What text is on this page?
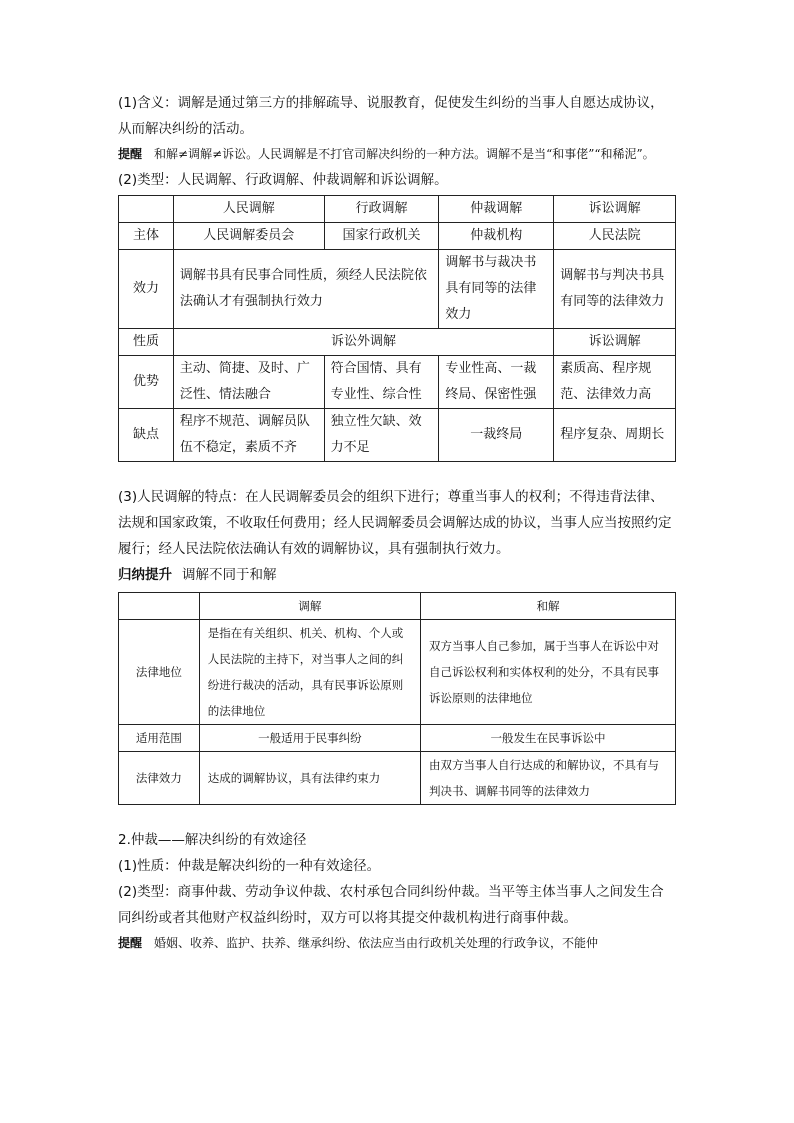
(1)含义：调解是通过第三方的排解疏导、说服教育，促使发生纠纷的当事人自愿达成协议，从而解决纠纷的活动。

提醒 和解≠调解≠诉讼。人民调解是不打官司解决纠纷的一种方法。调解不是当“和事佬”“和稀泥”。

(2)类型：人民调解、行政调解、仲裁调解和诉讼调解。

	人民调解	行政调解	仲裁调解	诉讼调解
主体	人民调解委员会	国家行政机关	仲裁机构	人民法院
效力	调解书具有民事合同性质，须经人民法院依法确认才有强制执行效力		调解书与裁决书具有同等的法律效力	调解书与判决书具有同等的法律效力
性质	诉讼外调解			诉讼调解
优势	主动、简捷、及时、广泛性、情法融合	符合国情、具有专业性、综合性	专业性高、一裁终局、保密性强	素质高、程序规范、法律效力高
缺点	程序不规范、调解员队伍不稳定，素质不齐	独立性欠缺、效力不足	一裁终局	程序复杂、周期长

(3)人民调解的特点：在人民调解委员会的组织下进行；尊重当事人的权利；不得违背法律、法规和国家政策，不收取任何费用；经人民调解委员会调解达成的协议，当事人应当按照约定履行；经人民法院依法确认有效的调解协议，具有强制执行效力。

归纳提升 调解不同于和解

	调解	和解
法律地位	是指在有关组织、机关、机构、个人或人民法院的主持下，对当事人之间的纠纷进行裁决的活动，具有民事诉讼原则的法律地位	双方当事人自己参加，属于当事人在诉讼中对自己诉讼权利和实体权利的处分，不具有民事诉讼原则的法律地位
适用范围	一般适用于民事纠纷	一般发生在民事诉讼中
法律效力	达成的调解协议，具有法律约束力	由双方当事人自行达成的和解协议，不具有与判决书、调解书同等的法律效力

2.仲裁——解决纠纷的有效途径

(1)性质：仲裁是解决纠纷的一种有效途径。

(2)类型：商事仲裁、劳动争议仲裁、农村承包合同纠纷仲裁。当平等主体当事人之间发生合同纠纷或者其他财产权益纠纷时，双方可以将其提交仲裁机构进行商事仲裁。

提醒 婚姻、收养、监护、扶养、继承纠纷、依法应当由行政机关处理的行政争议，不能仲
